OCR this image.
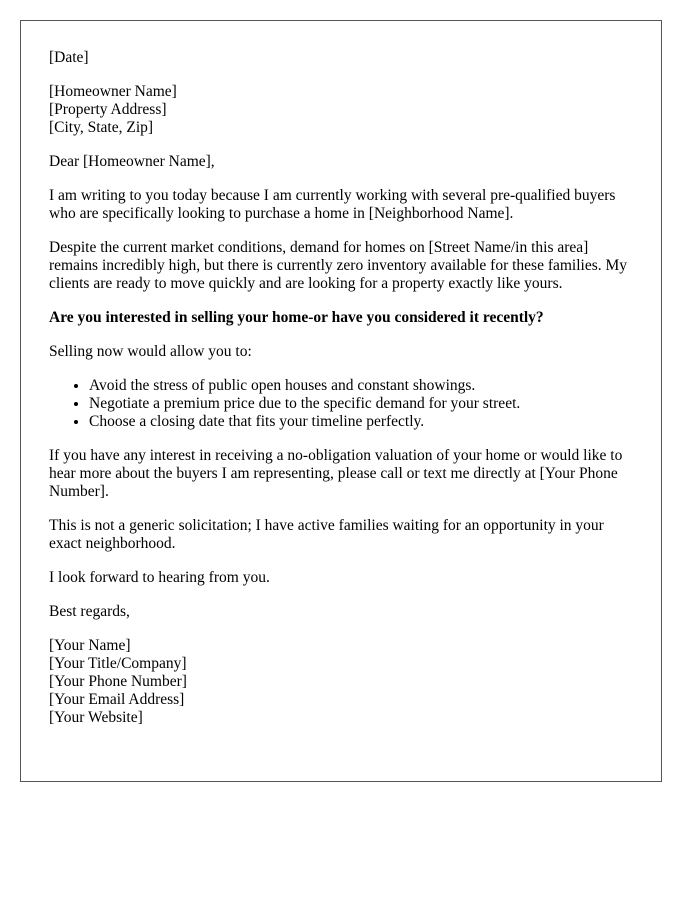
[Date]

[Homeowner Name]

[Property Address]

[City, State, Zip]

Dear [Homeowner Name],

I am writing to you today because I am currently working with several pre-qualified buyers who are specifically looking to purchase a home in [Neighborhood Name].

Despite the current market conditions, demand for homes on [Street Name/in this area] remains incredibly high, but there is currently zero inventory available for these families. My clients are ready to move quickly and are looking for a property exactly like yours.

Are you interested in selling your home-or have you considered it recently?

Selling now would allow you to:

• Avoid the stress of public open houses and constant showings.
• Negotiate a premium price due to the specific demand for your street.
• Choose a closing date that fits your timeline perfectly.

If you have any interest in receiving a no-obligation valuation of your home or would like to hear more about the buyers I am representing, please call or text me directly at [Your Phone Number].

This is not a generic solicitation; I have active families waiting for an opportunity in your exact neighborhood.

I look forward to hearing from you.

Best regards,

[Your Name]

[Your Title/Company]

[Your Phone Number]

[Your Email Address]

[Your Website]
